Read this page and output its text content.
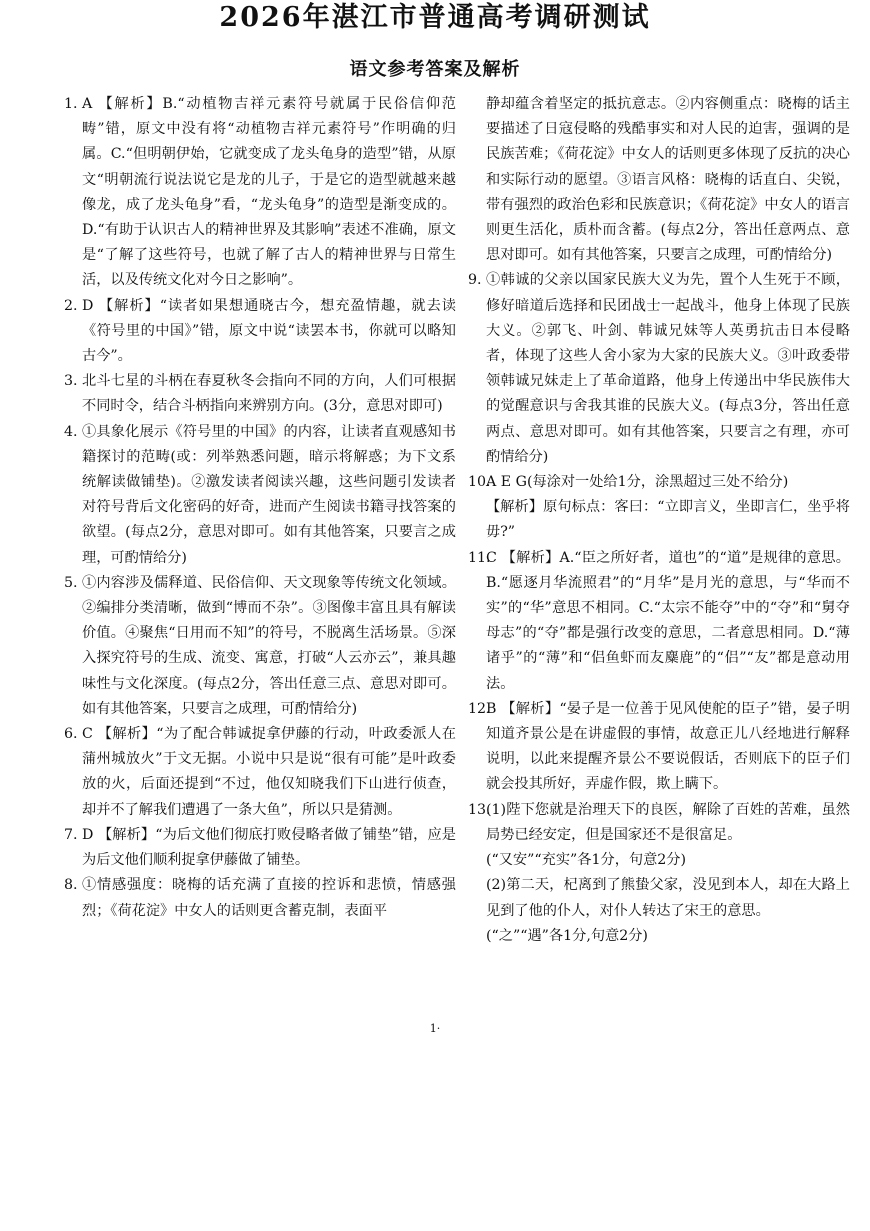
2026年湛江市普通高考调研测试
语文参考答案及解析
1. A 【解析】B.“动植物吉祥元素符号就属于民俗信仰范畴”错，原文中没有将“动植物吉祥元素符号”作明确的归属。C.“但明朝伊始，它就变成了龙头龟身的造型”错，从原文“明朝流行说法说它是龙的儿子，于是它的造型就越来越像龙，成了龙头龟身”看，“龙头龟身”的造型是渐变成的。D.“有助于认识古人的精神世界及其影响”表述不准确，原文是“了解了这些符号，也就了解了古人的精神世界与日常生活，以及传统文化对今日之影响”。
2. D 【解析】“读者如果想通晓古今，想充盈情趣，就去读《符号里的中国》”错，原文中说“读罢本书，你就可以略知古今”。
3. 北斗七星的斗柄在春夏秋冬会指向不同的方向，人们可根据不同时令，结合斗柄指向来辨别方向。(3分，意思对即可)
4. ①具象化展示《符号里的中国》的内容，让读者直观感知书籍探讨的范畴(或：列举熟悉问题，暗示将解惑；为下文系统解读做铺垫)。②激发读者阅读兴趣，这些问题引发读者对符号背后文化密码的好奇，进而产生阅读书籍寻找答案的欲望。(每点2分，意思对即可。如有其他答案，只要言之成理，可酌情给分)
5. ①内容涉及儒释道、民俗信仰、天文现象等传统文化领域。②编排分类清晰，做到“博而不杂”。③图像丰富且具有解读价值。④聚焦“日用而不知”的符号，不脱离生活场景。⑤深入探究符号的生成、流变、寓意，打破“人云亦云”，兼具趣味性与文化深度。(每点2分，答出任意三点、意思对即可。如有其他答案，只要言之成理，可酌情给分)
6. C 【解析】“为了配合韩诚捉拿伊藤的行动，叶政委派人在蒲州城放火”于文无据。小说中只是说“很有可能”是叶政委放的火，后面还提到“不过，他仅知晓我们下山进行侦查，却并不了解我们遭遇了一条大鱼”，所以只是猜测。
7. D 【解析】“为后文他们彻底打败侵略者做了铺垫”错，应是为后文他们顺利捉拿伊藤做了铺垫。
8. ①情感强度：晓梅的话充满了直接的控诉和悲愤，情感强烈；《荷花淀》中女人的话则更含蓄克制，表面平
静却蕴含着坚定的抵抗意志。②内容侧重点：晓梅的话主要描述了日寇侵略的残酷事实和对人民的迫害，强调的是民族苦难；《荷花淀》中女人的话则更多体现了反抗的决心和实际行动的愿望。③语言风格：晓梅的话直白、尖锐，带有强烈的政治色彩和民族意识；《荷花淀》中女人的语言则更生活化，质朴而含蓄。(每点2分，答出任意两点、意思对即可。如有其他答案，只要言之成理，可酌情给分)
9. ①韩诚的父亲以国家民族大义为先，置个人生死于不顾，修好暗道后选择和民团战士一起战斗，他身上体现了民族大义。②郭飞、叶剑、韩诚兄妹等人英勇抗击日本侵略者，体现了这些人舍小家为大家的民族大义。③叶政委带领韩诚兄妹走上了革命道路，他身上传递出中华民族伟大的觉醒意识与舍我其谁的民族大义。(每点3分，答出任意两点、意思对即可。如有其他答案，只要言之有理，亦可酌情给分)
10.
A E G(每涂对一处给1分，涂黑超过三处不给分)
【解析】原句标点：客曰：“立即言义，坐即言仁，坐乎将毋?”
11.
C 【解析】A.“臣之所好者，道也”的“道”是规律的意思。B.“愿逐月华流照君”的“月华”是月光的意思，与“华而不实”的“华”意思不相同。C.“太宗不能夺”中的“夺”和“舅夺母志”的“夺”都是强行改变的意思，二者意思相同。D.“薄诸乎”的“薄”和“侣鱼虾而友麋鹿”的“侣”“友”都是意动用法。
12.
B 【解析】“晏子是一位善于见风使舵的臣子”错，晏子明知道齐景公是在讲虚假的事情，故意正儿八经地进行解释说明，以此来提醒齐景公不要说假话，否则底下的臣子们就会投其所好，弄虚作假，欺上瞒下。
13.
(1)陛下您就是治理天下的良医，解除了百姓的苦难，虽然局势已经安定，但是国家还不是很富足。
(“又安”“充实”各1分，句意2分)
(2)第二天，杞离到了熊蛰父家，没见到本人，却在大路上见到了他的仆人，对仆人转达了宋王的意思。
(“之”“遇”各1分,句意2分)
1·
